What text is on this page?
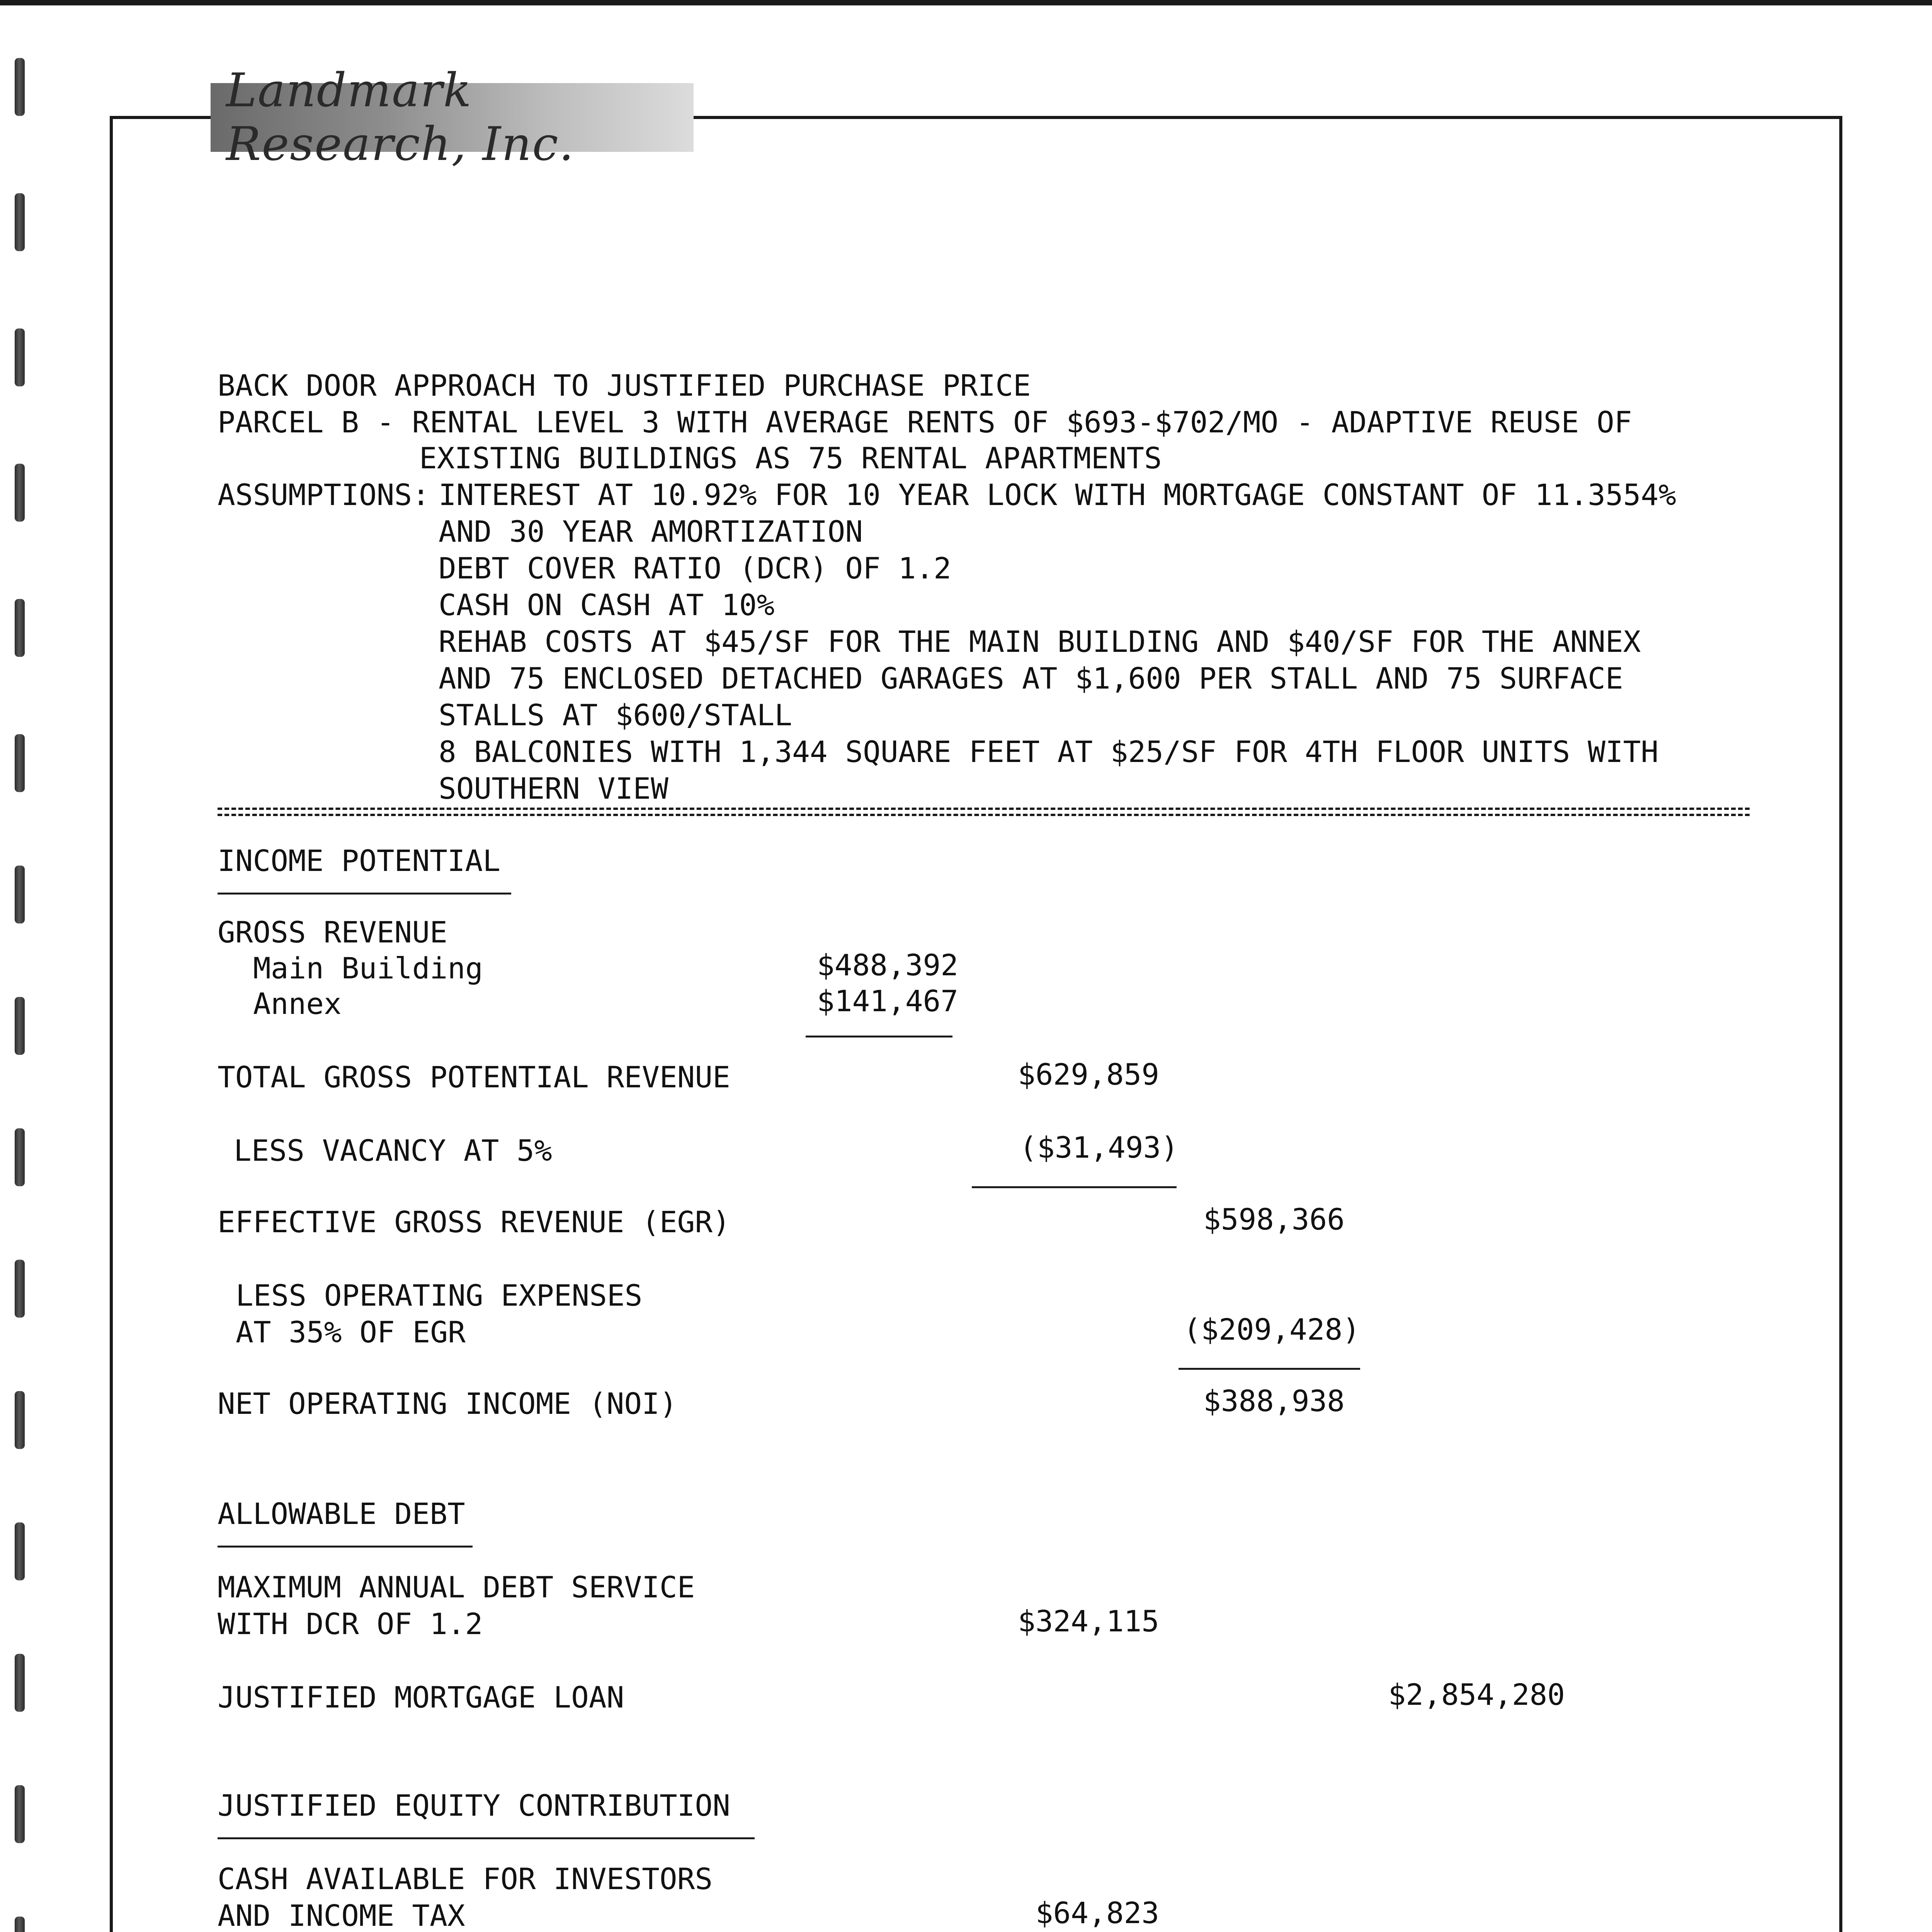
Landmark Research, Inc.
BACK DOOR APPROACH TO JUSTIFIED PURCHASE PRICE
PARCEL B - RENTAL LEVEL 3 WITH AVERAGE RENTS OF $693-$702/MO - ADAPTIVE REUSE OF
EXISTING BUILDINGS AS 75 RENTAL APARTMENTS
ASSUMPTIONS: INTEREST AT 10.92% FOR 10 YEAR LOCK WITH MORTGAGE CONSTANT OF 11.3554%
AND 30 YEAR AMORTIZATION
DEBT COVER RATIO (DCR) OF 1.2
CASH ON CASH AT 10%
REHAB COSTS AT $45/SF FOR THE MAIN BUILDING AND $40/SF FOR THE ANNEX
AND 75 ENCLOSED DETACHED GARAGES AT $1,600 PER STALL AND 75 SURFACE
STALLS AT $600/STALL
8 BALCONIES WITH 1,344 SQUARE FEET AT $25/SF FOR 4TH FLOOR UNITS WITH
SOUTHERN VIEW
INCOME POTENTIAL
GROSS REVENUE
Main Building	$488,392
Annex	$141,467
TOTAL GROSS POTENTIAL REVENUE	$629,859
LESS VACANCY AT 5%	($31,493)
EFFECTIVE GROSS REVENUE (EGR)	$598,366
LESS OPERATING EXPENSES
AT 35% OF EGR	($209,428)
NET OPERATING INCOME (NOI)	$388,938
ALLOWABLE DEBT
MAXIMUM ANNUAL DEBT SERVICE
WITH DCR OF 1.2	$324,115
JUSTIFIED MORTGAGE LOAN	$2,854,280
JUSTIFIED EQUITY CONTRIBUTION
CASH AVAILABLE FOR INVESTORS
AND INCOME TAX	$64,823
